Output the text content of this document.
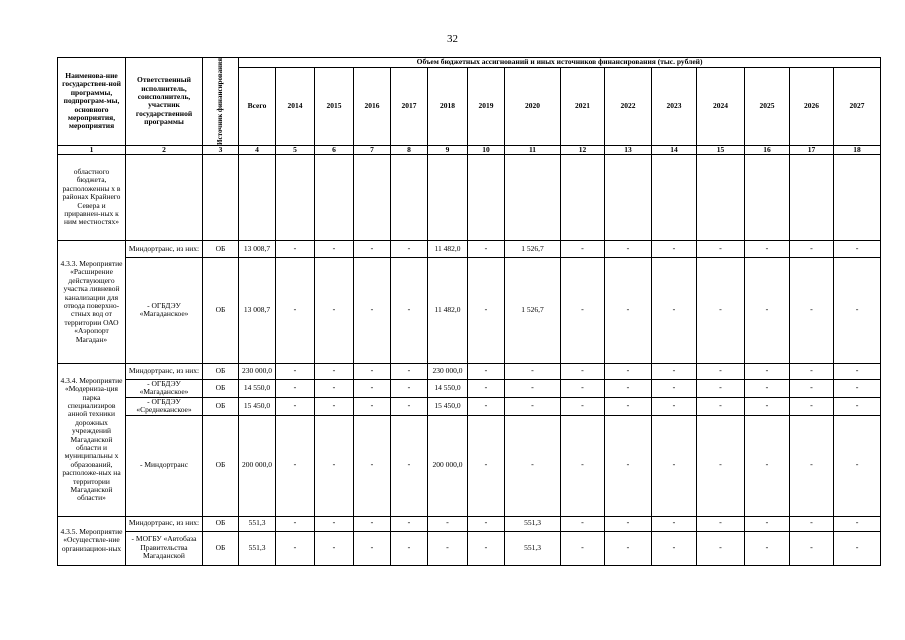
32
Наименова-ние государствен-ной программы, подпрограм-мы, основного мероприятия, мероприятия	Ответственный исполнитель, соисполнитель, участник государственной программы	Источник финансирования	Объем бюджетных ассигнований и иных источников финансирования (тыс. рублей)														
			Всего	2014	2015	2016	2017	2018	2019	2020	2021	2022	2023	2024	2025	2026	2027
1	2	3	4	5	6	7	8	9	10	11	12	13	14	15	16	17	18
областного бюджета, расположенны х в районах Крайнего Севера и приравнен-ных к ним местностях»																	
4.3.3. Мероприятие «Расширение действующего участка ливневой канализации для отвода поверхно-стных вод от территории ОАО «Аэропорт Магадан»	Миндортранс, из них:	ОБ	13 008,7	-	-	-	-	11 482,0	-	1 526,7	-	-	-	-	-	-	-
	- ОГБДЭУ «Магаданское»	ОБ	13 008,7	-	-	-	-	11 482,0	-	1 526,7	-	-	-	-	-	-	-
4.3.4. Мероприятие «Модерниза-ция парка специализиров анной техники дорожных учреждений Магаданской области и муниципальны х образований, расположе-ных на территории Магаданской области»	Миндортранс, из них:	ОБ	230 000,0	-	-	-	-	230 000,0	-	-	-	-	-	-	-	-	-
	- ОГБДЭУ «Магаданское»	ОБ	14 550,0	-	-	-	-	14 550,0	-	-	-	-	-	-	-	-	-
	- ОГБДЭУ «Среднеканское»	ОБ	15 450,0	-	-	-	-	15 450,0	-	-	-	-	-	-	-	-	-
	- Миндортранс	ОБ	200 000,0	-	-	-	-	200 000,0	-	-	-	-	-	-	-	-	-
4.3.5. Мероприятие «Осуществле-ние организацион-ных	Миндортранс, из них:	ОБ	551,3	-	-	-	-	-	-	551,3	-	-	-	-	-	-	-
	- МОГБУ «Автобаза Правительства Магаданской	ОБ	551,3	-	-	-	-	-	-	551,3	-	-	-	-	-	-	-
